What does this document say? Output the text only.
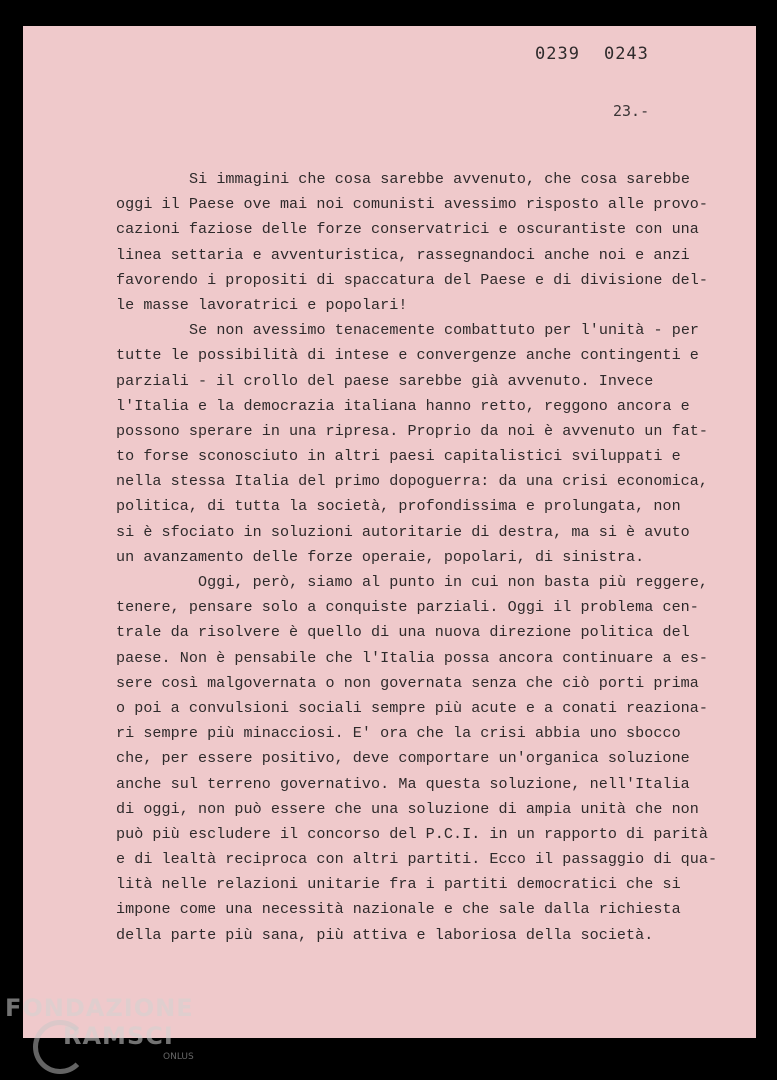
0239 0243
23.-
Si immagini che cosa sarebbe avvenuto, che cosa sarebbe
oggi il Paese ove mai noi comunisti avessimo risposto alle provo-
cazioni faziose delle forze conservatrici e oscurantiste con una
linea settaria e avventuristica, rassegnandoci anche noi e anzi
favorendo i propositi di spaccatura del Paese e di divisione del-
le masse lavoratrici e popolari!
Se non avessimo tenacemente combattuto per l'unità - per
tutte le possibilità di intese e convergenze anche contingenti e
parziali - il crollo del paese sarebbe già avvenuto. Invece
l'Italia e la democrazia italiana hanno retto, reggono ancora e
possono sperare in una ripresa. Proprio da noi è avvenuto un fat-
to forse sconosciuto in altri paesi capitalistici sviluppati e
nella stessa Italia del primo dopoguerra: da una crisi economica,
politica, di tutta la società, profondissima e prolungata, non
si è sfociato in soluzioni autoritarie di destra, ma si è avuto
un avanzamento delle forze operaie, popolari, di sinistra.
Oggi, però, siamo al punto in cui non basta più reggere,
tenere, pensare solo a conquiste parziali. Oggi il problema cen-
trale da risolvere è quello di una nuova direzione politica del
paese. Non è pensabile che l'Italia possa ancora continuare a es-
sere così malgovernata o non governata senza che ciò porti prima
o poi a convulsioni sociali sempre più acute e a conati reaziona-
ri sempre più minacciosi. E' ora che la crisi abbia uno sbocco
che, per essere positivo, deve comportare un'organica soluzione
anche sul terreno governativo. Ma questa soluzione, nell'Italia
di oggi, non può essere che una soluzione di ampia unità che non
può più escludere il concorso del P.C.I. in un rapporto di parità
e di lealtà reciproca con altri partiti. Ecco il passaggio di qua-
lità nelle relazioni unitarie fra i partiti democratici che si
impone come una necessità nazionale e che sale dalla richiesta
della parte più sana, più attiva e laboriosa della società.
FONDAZIONE
RAMSCI
ONLUS
